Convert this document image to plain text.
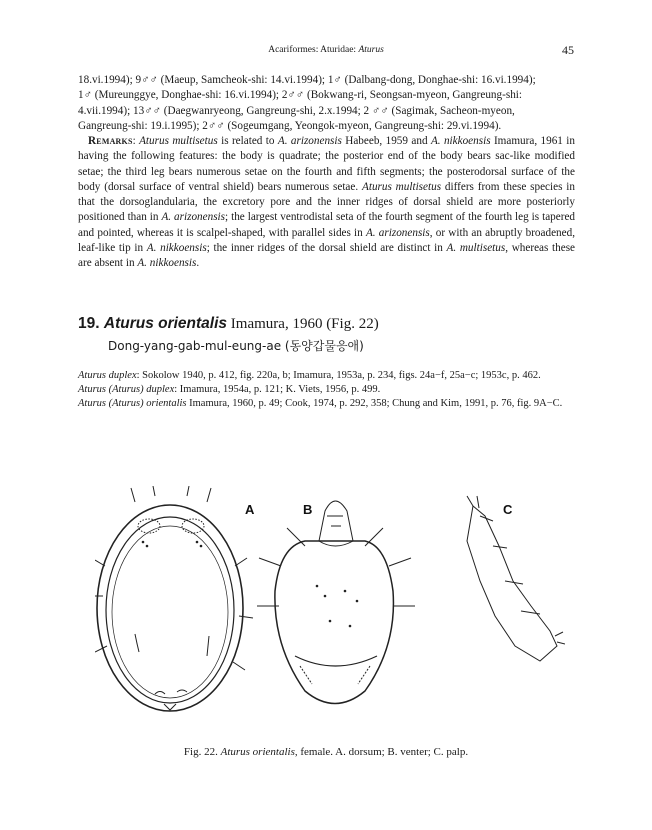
Acariformes: Aturidae: Aturus	45

18.vi.1994); 9♂♂ (Maeup, Samcheok-shi: 14.vi.1994); 1♂ (Dalbang-dong, Donghae-shi: 16.vi.1994);

1♂ (Mureunggye, Donghae-shi: 16.vi.1994); 2♂♂ (Bokwang-ri, Seongsan-myeon, Gangreung-shi:

4.vii.1994); 13♂♂ (Daegwanryeong, Gangreung-shi, 2.x.1994; 2 ♂♂ (Sagimak, Sacheon-myeon,

Gangreung-shi: 19.i.1995); 2♂♂ (Sogeumgang, Yeongok-myeon, Gangreung-shi: 29.vi.1994).

Remarks: Aturus multisetus is related to A. arizonensis Habeeb, 1959 and A. nikkoensis Imamura, 1961 in having the following features: the body is quadrate; the posterior end of the body bears sac-like modified setae; the third leg bears numerous setae on the fourth and fifth segments; the posterodorsal surface of the body (dorsal surface of ventral shield) bears numerous setae. Aturus multisetus differs from these species in that the dorsoglandularia, the excretory pore and the inner ridges of dorsal shield are more posteriorly positioned than in A. arizonensis; the largest ventrodistal seta of the fourth segment of the fourth leg is tapered and pointed, whereas it is scalpel-shaped, with parallel sides in A. arizonensis, or with an abruptly broadened, leaf-like tip in A. nikkoensis; the inner ridges of the dorsal shield are distinct in A. multisetus, whereas these are absent in A. nikkoensis.

19. Aturus orientalis Imamura, 1960 (Fig. 22)
Dong-yang-gab-mul-eung-ae (동양갑물응애)

Aturus duplex: Sokolow 1940, p. 412, fig. 220a, b; Imamura, 1953a, p. 234, figs. 24a−f, 25a−c; 1953c, p. 462.

Aturus (Aturus) duplex: Imamura, 1954a, p. 121; K. Viets, 1956, p. 499.

Aturus (Aturus) orientalis Imamura, 1960, p. 49; Cook, 1974, p. 292, 358; Chung and Kim, 1991, p. 76, fig. 9A−C.

A	B	C
Fig. 22. Aturus orientalis, female. A. dorsum; B. venter; C. palp.
